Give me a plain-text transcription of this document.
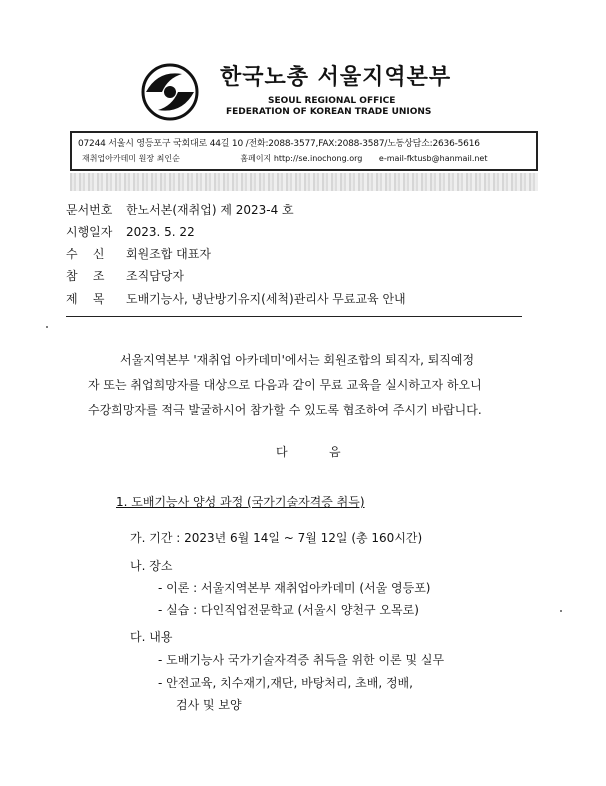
한국노총 서울지역본부
SEOUL REGIONAL OFFICE
FEDERATION OF KOREAN TRADE UNIONS
07244 서울시 영등포구 국회대로 44길 10 /전화:2088-3577,FAX:2088-3587/노동상담소:2636-5616
재취업아카데미 원장 최인순	홈페이지 http://se.inochong.org e-mail-fktusb@hanmail.net
문서번호 한노서본(재취업) 제 2023-4 호
시행일자 2023. 5. 22
수    신 회원조합 대표자
참    조 조직담당자
제    목 도배기능사, 냉난방기유지(세척)관리사 무료교육 안내

서울지역본부 '재취업 아카데미'에서는 회원조합의 퇴직자, 퇴직예정

자 또는 취업희망자를 대상으로 다음과 같이 무료 교육을 실시하고자 하오니

수강희망자를 적극 발굴하시어 참가할 수 있도록 협조하여 주시기 바랍니다.

다	음
1. 도배기능사 양성 과정 (국가기술자격증 취득)
가. 기간 : 2023년 6월 14일 ~ 7월 12일 (총 160시간)
나. 장소
- 이론 : 서울지역본부 재취업아카데미 (서울 영등포)
- 실습 : 다인직업전문학교 (서울시 양천구 오목로)
다. 내용
- 도배기능사 국가기술자격증 취득을 위한 이론 및 실무
- 안전교육, 치수재기,재단, 바탕처리, 초배, 정배,
검사 및 보양
